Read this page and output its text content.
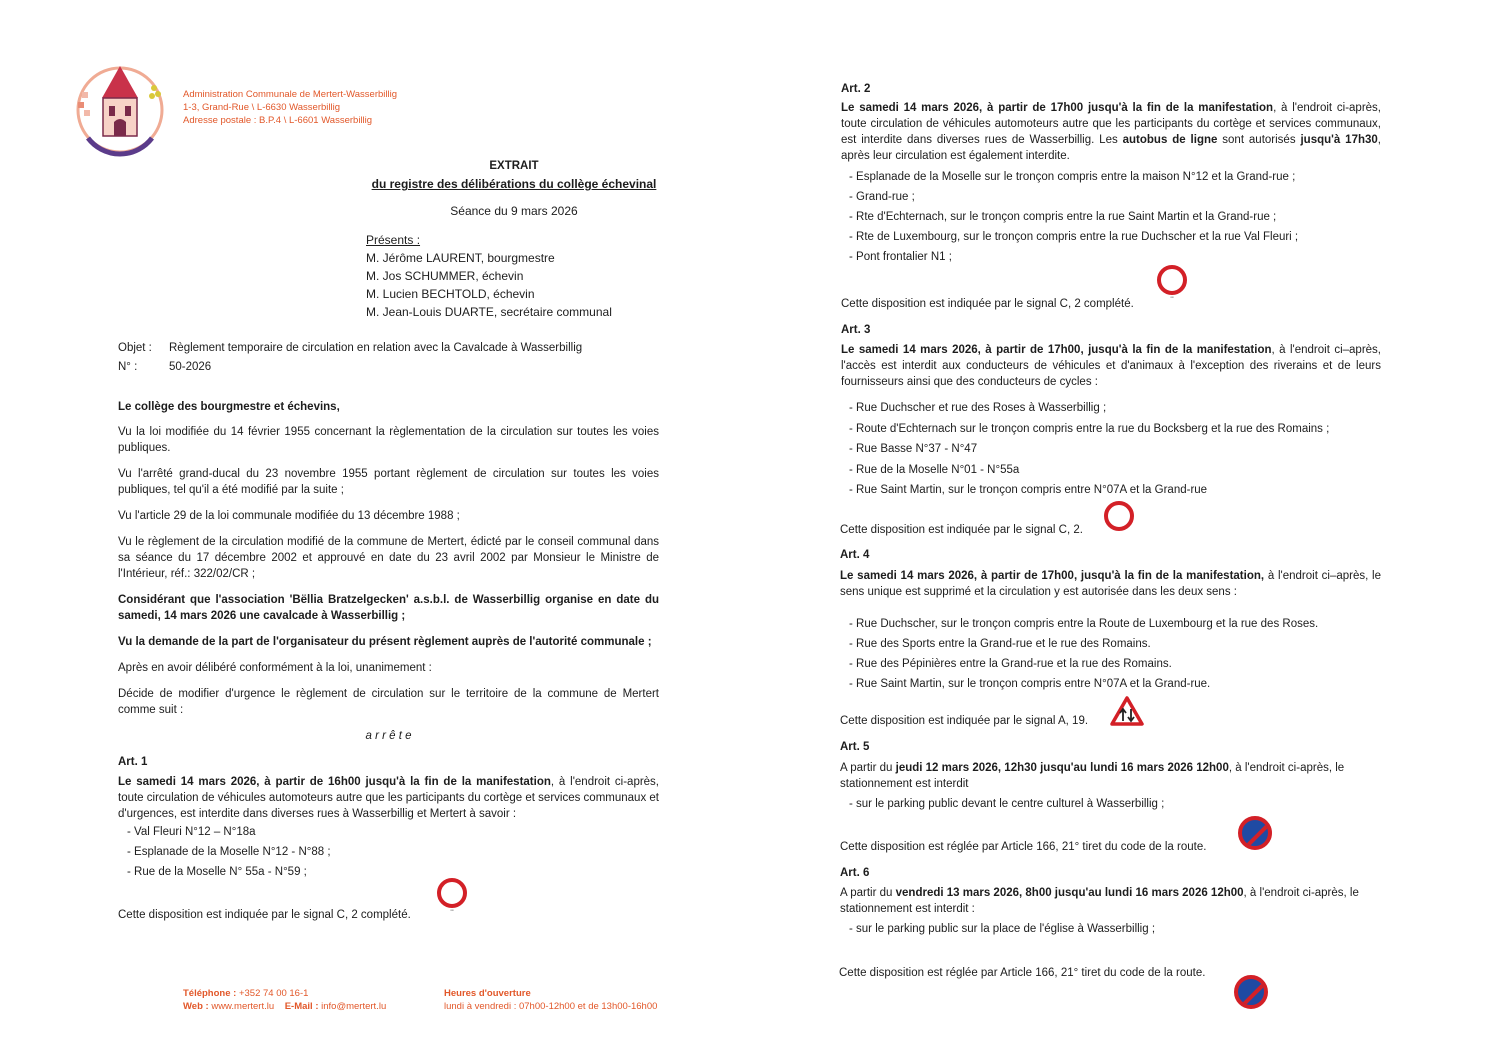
Administration Communale de Mertert-Wasserbillig
1-3, Grand-Rue \ L-6630 Wasserbillig
Adresse postale : B.P.4 \ L-6601 Wasserbillig
EXTRAIT
du registre des délibérations du collège échevinal
Séance du 9 mars 2026
Présents :
M. Jérôme LAURENT, bourgmestre
M. Jos SCHUMMER, échevin
M. Lucien BECHTOLD, échevin
M. Jean-Louis DUARTE, secrétaire communal
Objet : Règlement temporaire de circulation en relation avec la Cavalcade à Wasserbillig
N° :	50-2026
Le collège des bourgmestre et échevins,
Vu la loi modifiée du 14 février 1955 concernant la règlementation de la circulation sur toutes les voies publiques.
Vu l'arrêté grand-ducal du 23 novembre 1955 portant règlement de circulation sur toutes les voies publiques, tel qu'il a été modifié par la suite ;
Vu l'article 29 de la loi communale modifiée du 13 décembre 1988 ;
Vu le règlement de la circulation modifié de la commune de Mertert, édicté par le conseil communal dans sa séance du 17 décembre 2002 et approuvé en date du 23 avril 2002 par Monsieur le Ministre de l'Intérieur, réf.: 322/02/CR ;
Considérant que l'association 'Bëllia Bratzelgecken' a.s.b.l. de Wasserbillig organise en date du samedi, 14 mars 2026 une cavalcade à Wasserbillig ;
Vu la demande de la part de l'organisateur du présent règlement auprès de l'autorité communale ;
Après en avoir délibéré conformément à la loi, unanimement :
Décide de modifier d'urgence le règlement de circulation sur le territoire de la commune de Mertert comme suit :
a r r ê t e
Art. 1
Le samedi 14 mars 2026, à partir de 16h00 jusqu'à la fin de la manifestation, à l'endroit ci-après, toute circulation de véhicules automoteurs autre que les participants du cortège et services communaux et d'urgences, est interdite dans diverses rues à Wasserbillig et Mertert à savoir :
- Val Fleuri N°12 – N°18a
- Esplanade de la Moselle N°12 - N°88 ;
- Rue de la Moselle N° 55a - N°59 ;
Cette disposition est indiquée par le signal C, 2 complété.	▪▪▪
Téléphone : +352 74 00 16-1
Web : www.mertert.lu E-Mail : info@mertert.lu
Heures d'ouverture
lundi à vendredi : 07h00-12h00 et de 13h00-16h00
Art. 2
Le samedi 14 mars 2026, à partir de 17h00 jusqu'à la fin de la manifestation, à l'endroit ci-après, toute circulation de véhicules automoteurs autre que les participants du cortège et services communaux, est interdite dans diverses rues de Wasserbillig. Les autobus de ligne sont autorisés jusqu'à 17h30, après leur circulation est également interdite.
- Esplanade de la Moselle sur le tronçon compris entre la maison N°12 et la Grand-rue ;
- Grand-rue ;
- Rte d'Echternach, sur le tronçon compris entre la rue Saint Martin et la Grand-rue ;
- Rte de Luxembourg, sur le tronçon compris entre la rue Duchscher et la rue Val Fleuri ;
- Pont frontalier N1 ;
Cette disposition est indiquée par le signal C, 2 complété.
▪▪▪
Art. 3
Le samedi 14 mars 2026, à partir de 17h00, jusqu'à la fin de la manifestation, à l'endroit ci–après, l'accès est interdit aux conducteurs de véhicules et d'animaux à l'exception des riverains et de leurs fournisseurs ainsi que des conducteurs de cycles :
- Rue Duchscher et rue des Roses à Wasserbillig ;
- Route d'Echternach sur le tronçon compris entre la rue du Bocksberg et la rue des Romains ;
- Rue Basse N°37 - N°47
- Rue de la Moselle N°01 - N°55a
- Rue Saint Martin, sur le tronçon compris entre N°07A et la Grand-rue
Cette disposition est indiquée par le signal C, 2.
Art. 4
Le samedi 14 mars 2026, à partir de 17h00, jusqu'à la fin de la manifestation, à l'endroit ci–après, le sens unique est supprimé et la circulation y est autorisée dans les deux sens :
- Rue Duchscher, sur le tronçon compris entre la Route de Luxembourg et la rue des Roses.
- Rue des Sports entre la Grand-rue et le rue des Romains.
- Rue des Pépinières entre la Grand-rue et la rue des Romains.
- Rue Saint Martin, sur le tronçon compris entre N°07A et la Grand-rue.
Cette disposition est indiquée par le signal A, 19.
Art. 5
A partir du jeudi 12 mars 2026, 12h30 jusqu'au lundi 16 mars 2026 12h00, à l'endroit ci-après, le stationnement est interdit
- sur le parking public devant le centre culturel à Wasserbillig ;
Cette disposition est réglée par Article 166, 21° tiret du code de la route.
Art. 6
A partir du vendredi 13 mars 2026, 8h00 jusqu'au lundi 16 mars 2026 12h00, à l'endroit ci-après, le stationnement est interdit :
- sur le parking public sur la place de l'église à Wasserbillig ;
Cette disposition est réglée par Article 166, 21° tiret du code de la route.
